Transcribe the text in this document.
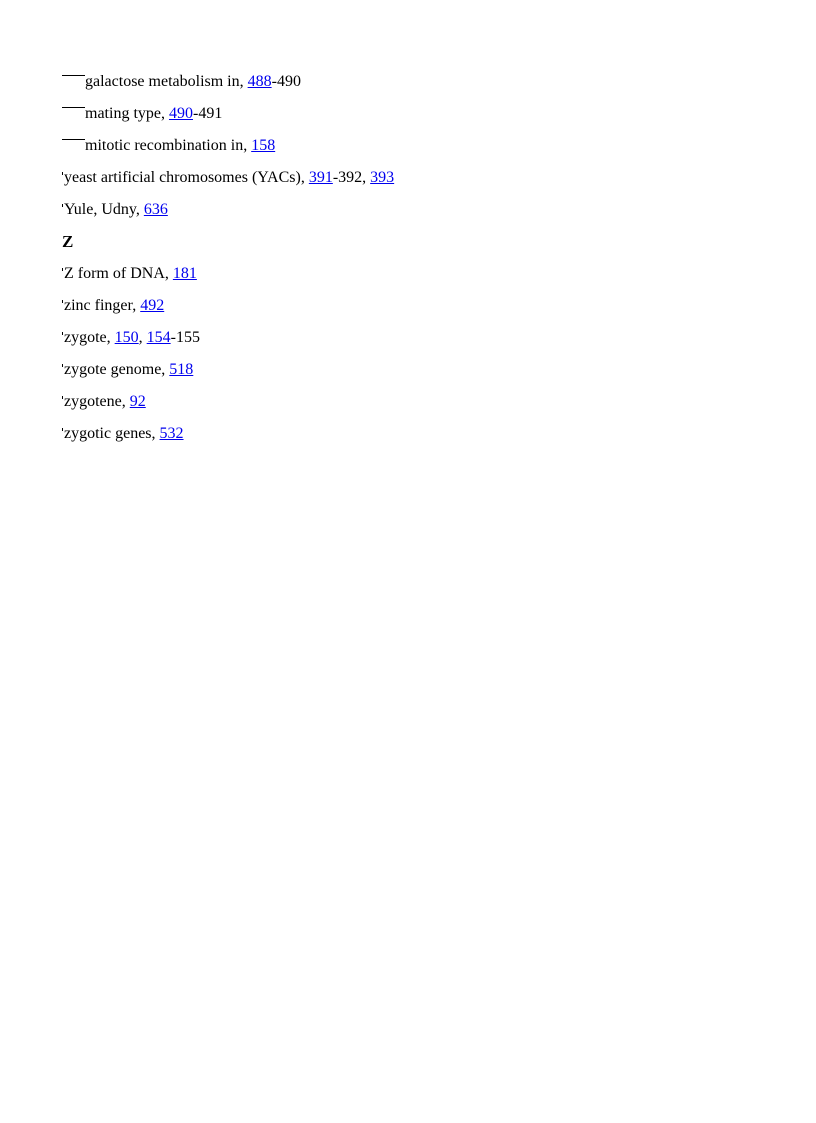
galactose metabolism in, 488-490
mating type, 490-491
mitotic recombination in, 158
yeast artificial chromosomes (YACs), 391-392, 393
Yule, Udny, 636
Z
Z form of DNA, 181
zinc finger, 492
zygote, 150, 154-155
zygote genome, 518
zygotene, 92
zygotic genes, 532
